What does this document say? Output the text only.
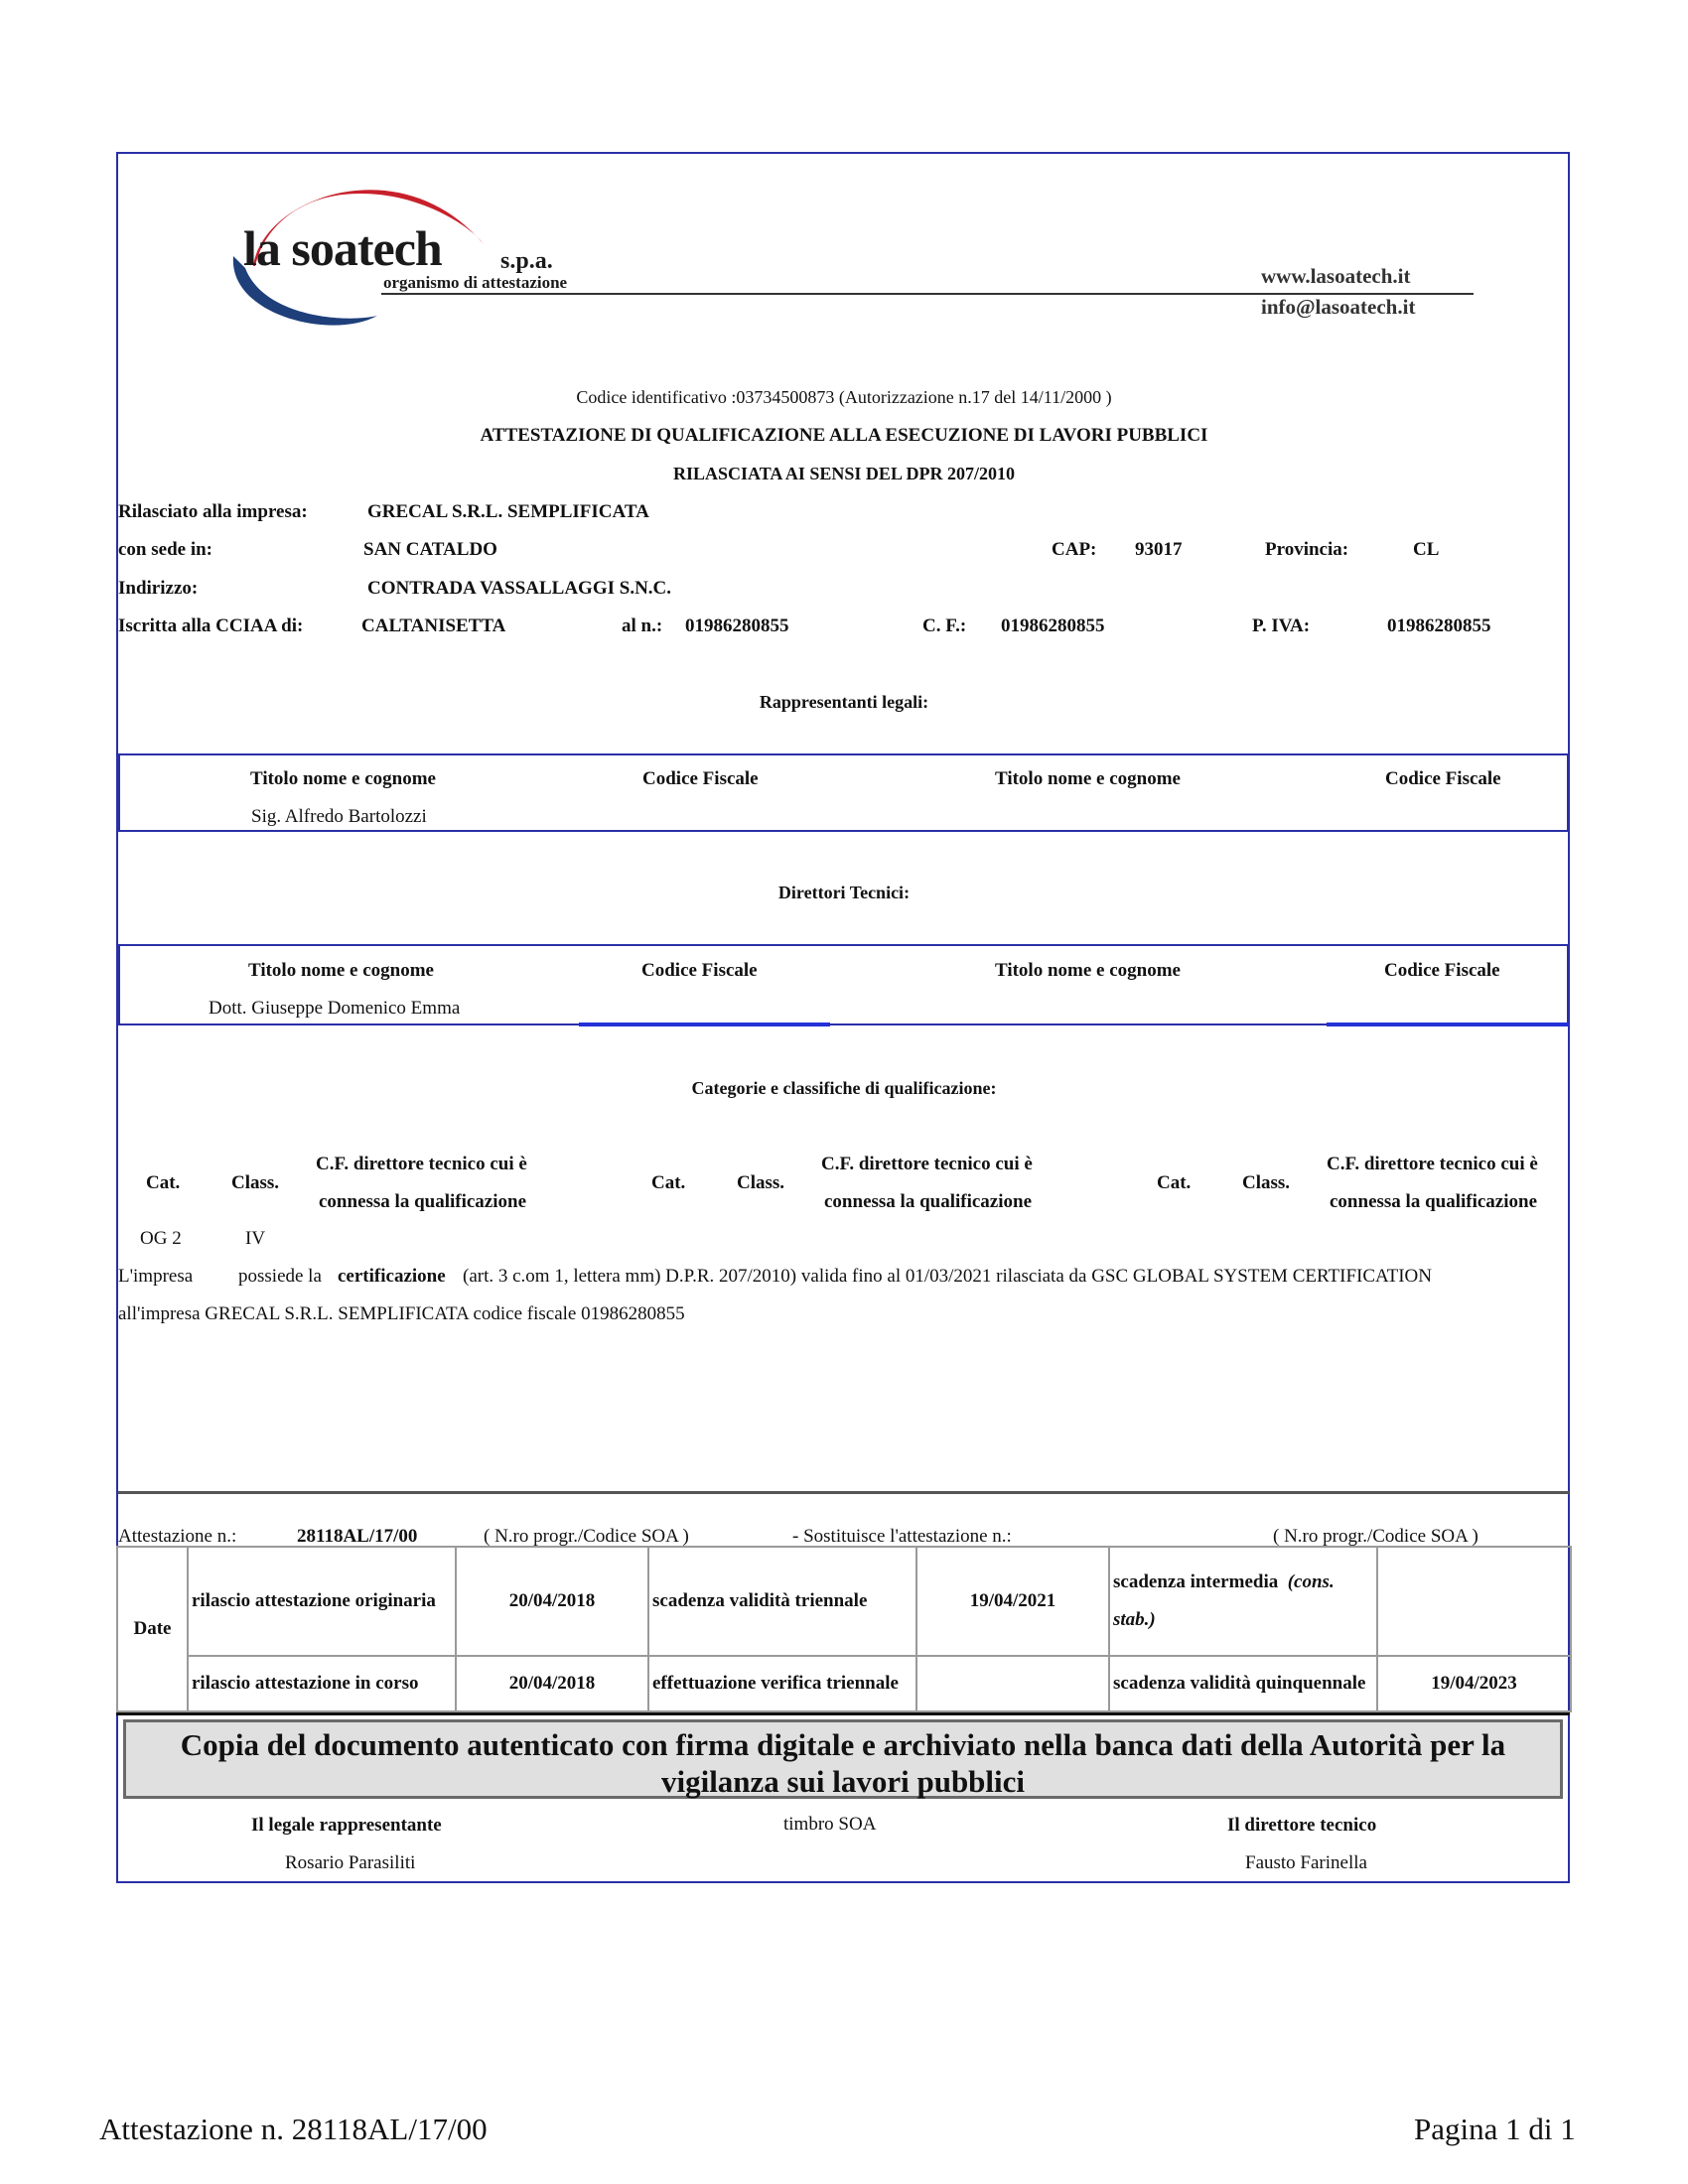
la soatech s.p.a.
organismo di attestazione	www.lasoatech.it
info@lasoatech.it
Codice identificativo :03734500873 (Autorizzazione n.17 del 14/11/2000 )
ATTESTAZIONE DI QUALIFICAZIONE ALLA ESECUZIONE DI LAVORI PUBBLICI
RILASCIATA AI SENSI DEL DPR 207/2010
Rilasciato alla impresa:	GRECAL S.R.L. SEMPLIFICATA
con sede in:	SAN CATALDO	CAP: 93017	Provincia:	CL
Indirizzo:	CONTRADA VASSALLAGGI S.N.C.
Iscritta alla CCIAA di:	CALTANISETTA	al n.: 01986280855	C. F.: 01986280855	P. IVA:	01986280855
Rappresentanti legali:
Titolo nome e cognome	Codice Fiscale	Titolo nome e cognome	Codice Fiscale
Sig. Alfredo Bartolozzi
Direttori Tecnici:
Titolo nome e cognome	Codice Fiscale	Titolo nome e cognome	Codice Fiscale
Dott. Giuseppe Domenico Emma
Categorie e classifiche di qualificazione:
Cat.	Class.
C.F. direttore tecnico cui è
connessa la qualificazione
Cat.	Class.
C.F. direttore tecnico cui è
connessa la qualificazione
Cat.	Class.
C.F. direttore tecnico cui è
connessa la qualificazione
OG 2	IV
L'impresa possiede la certificazione (art. 3 c.om 1, lettera mm) D.P.R. 207/2010) valida fino al 01/03/2021 rilasciata da GSC GLOBAL SYSTEM CERTIFICATION
all'impresa GRECAL S.R.L. SEMPLIFICATA codice fiscale 01986280855
Attestazione n.:	28118AL/17/00	( N.ro progr./Codice SOA )	- Sostituisce l'attestazione n.:	( N.ro progr./Codice SOA )
Date	rilascio attestazione originaria	20/04/2018	scadenza validità triennale	19/04/2021	scadenza intermedia (cons. stab.)	
	rilascio attestazione in corso	20/04/2018	effettuazione verifica triennale		scadenza validità quinquennale	19/04/2023
Copia del documento autenticato con firma digitale e archiviato nella banca dati della Autorità per la vigilanza sui lavori pubblici
Il legale rappresentante
Rosario Parasiliti
timbro SOA	Il direttore tecnico
Fausto Farinella
Attestazione n. 28118AL/17/00	Pagina 1 di 1
